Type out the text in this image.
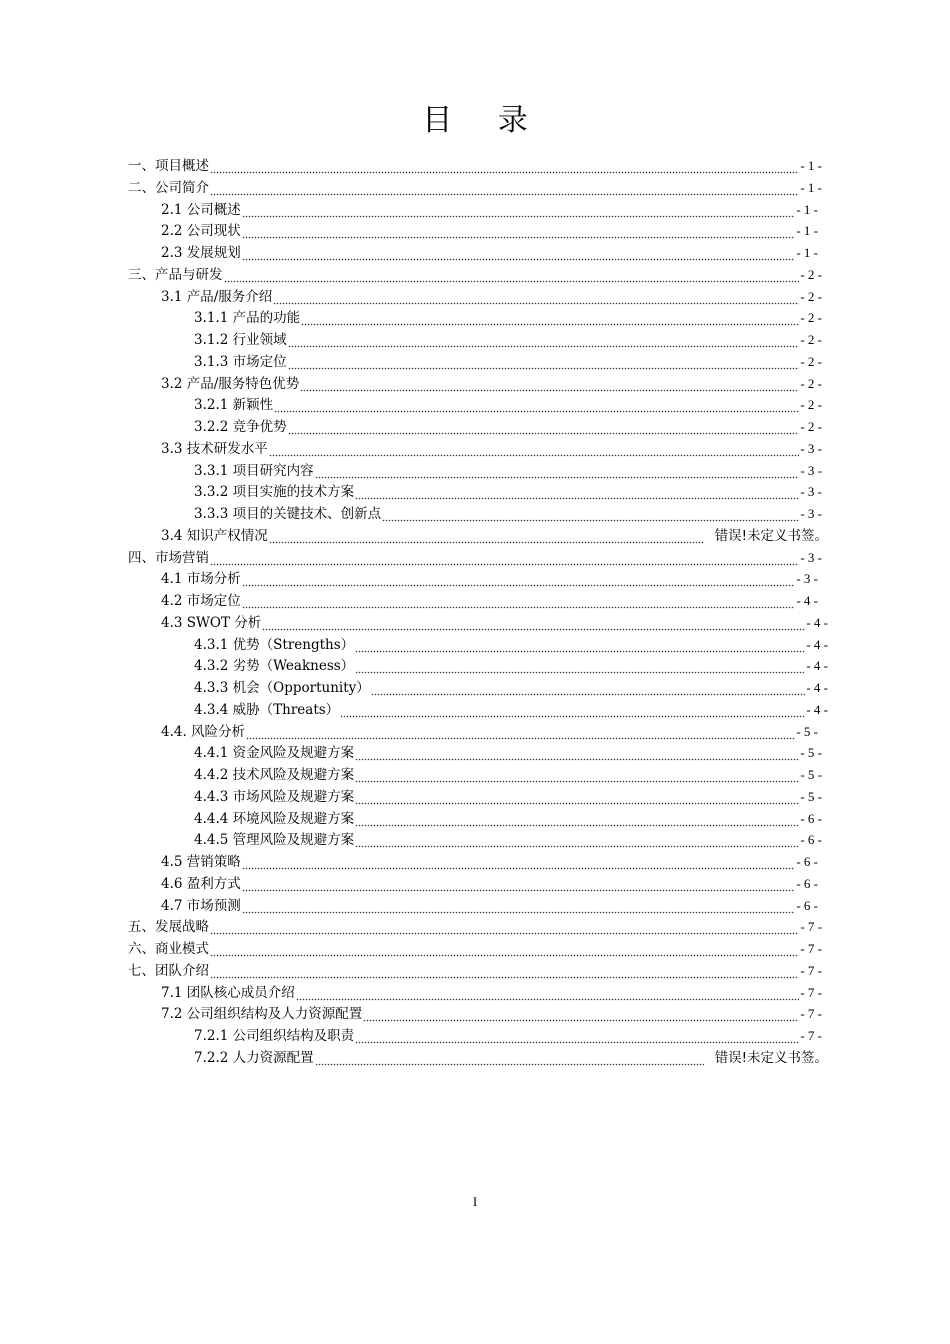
目 录
一、项目概述	- 1 -
二、公司简介	- 1 -
2.1 公司概述	- 1 -
2.2 公司现状	- 1 -
2.3 发展规划	- 1 -
三、产品与研发	- 2 -
3.1 产品/服务介绍	- 2 -
3.1.1 产品的功能	- 2 -
3.1.2 行业领域	- 2 -
3.1.3 市场定位	- 2 -
3.2 产品/服务特色优势	- 2 -
3.2.1 新颖性	- 2 -
3.2.2 竞争优势	- 2 -
3.3 技术研发水平	- 3 -
3.3.1 项目研究内容	- 3 -
3.3.2 项目实施的技术方案	- 3 -
3.3.3 项目的关键技术、创新点	- 3 -
3.4 知识产权情况	错误!未定义书签。
四、市场营销	- 3 -
4.1 市场分析	- 3 -
4.2 市场定位	- 4 -
4.3 SWOT 分析	- 4 -
4.3.1 优势（Strengths）	- 4 -
4.3.2 劣势（Weakness）	- 4 -
4.3.3 机会（Opportunity）	- 4 -
4.3.4 威胁（Threats）	- 4 -
4.4. 风险分析	- 5 -
4.4.1 资金风险及规避方案	- 5 -
4.4.2 技术风险及规避方案	- 5 -
4.4.3 市场风险及规避方案	- 5 -
4.4.4 环境风险及规避方案	- 6 -
4.4.5 管理风险及规避方案	- 6 -
4.5 营销策略	- 6 -
4.6 盈利方式	- 6 -
4.7 市场预测	- 6 -
五、发展战略	- 7 -
六、商业模式	- 7 -
七、团队介绍	- 7 -
7.1 团队核心成员介绍	- 7 -
7.2 公司组织结构及人力资源配置	- 7 -
7.2.1 公司组织结构及职责	- 7 -
7.2.2 人力资源配置	错误!未定义书签。
I
